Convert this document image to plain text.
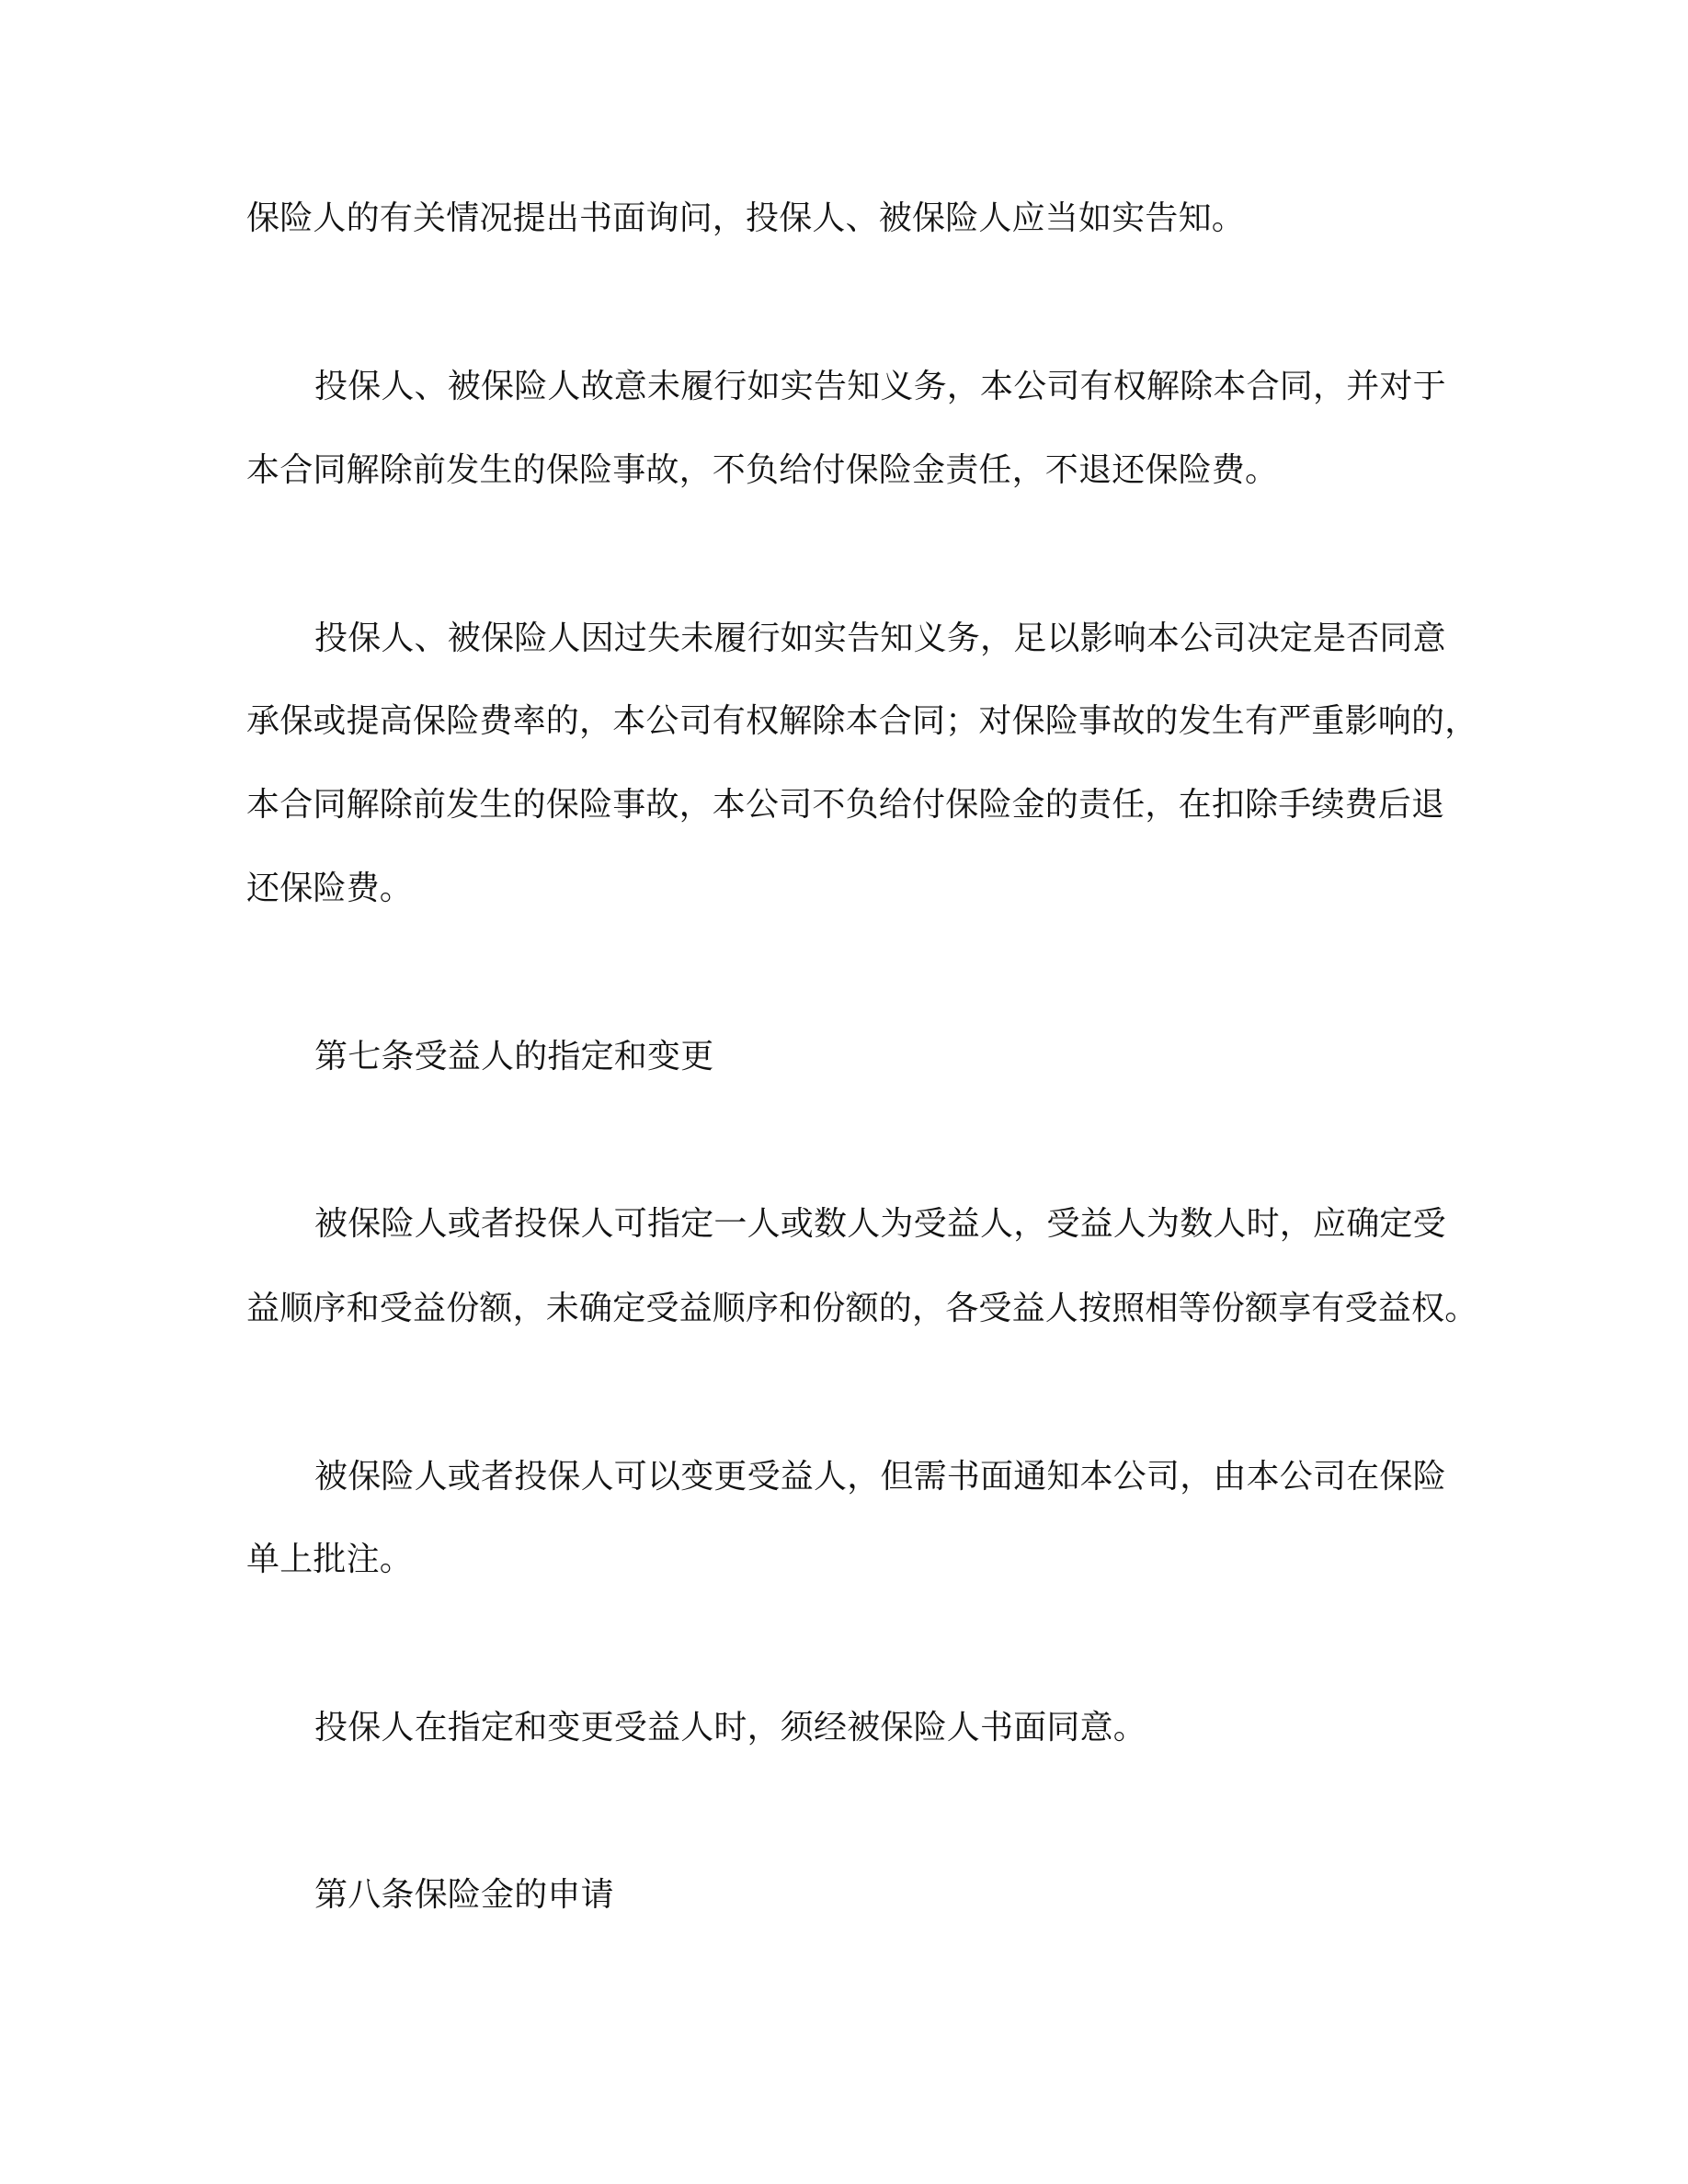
保险人的有关情况提出书面询问，投保人、被保险人应当如实告知。
投保人、被保险人故意未履行如实告知义务，本公司有权解除本合同，并对于
本合同解除前发生的保险事故，不负给付保险金责任，不退还保险费。
投保人、被保险人因过失未履行如实告知义务，足以影响本公司决定是否同意
承保或提高保险费率的，本公司有权解除本合同；对保险事故的发生有严重影响的，
本合同解除前发生的保险事故，本公司不负给付保险金的责任，在扣除手续费后退
还保险费。
第七条受益人的指定和变更
被保险人或者投保人可指定一人或数人为受益人，受益人为数人时，应确定受
益顺序和受益份额，未确定受益顺序和份额的，各受益人按照相等份额享有受益权。
被保险人或者投保人可以变更受益人，但需书面通知本公司，由本公司在保险
单上批注。
投保人在指定和变更受益人时，须经被保险人书面同意。
第八条保险金的申请
